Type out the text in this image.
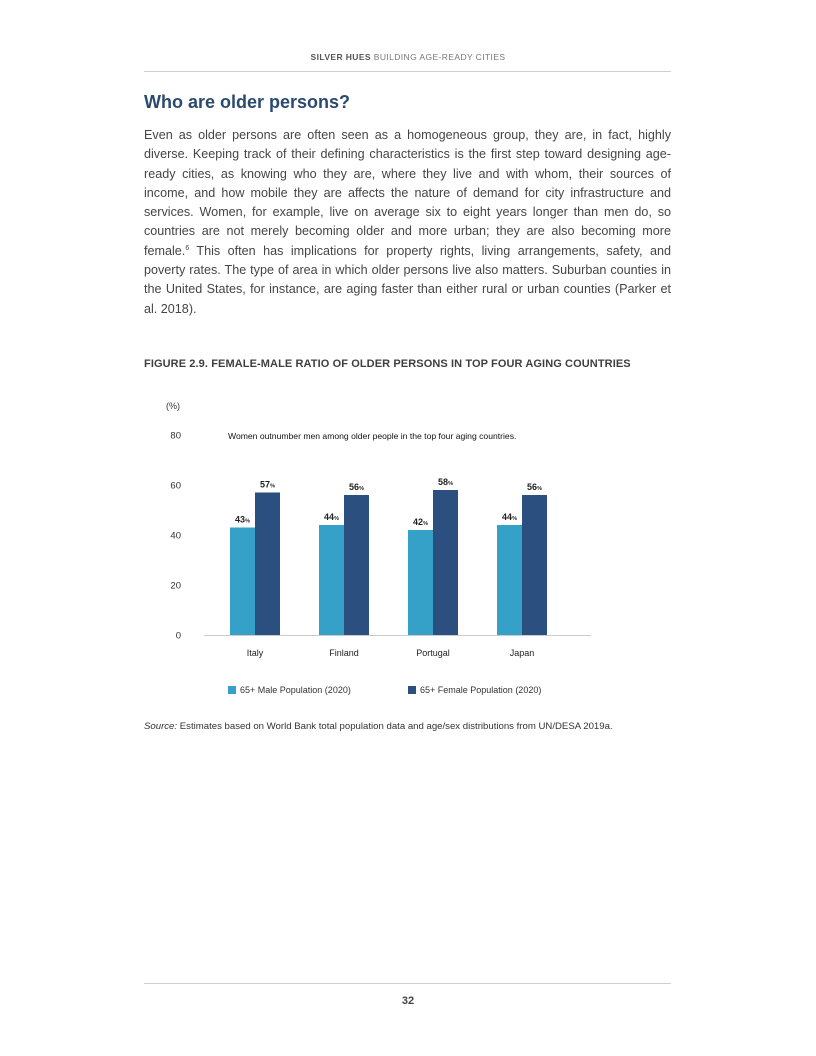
SILVER HUES BUILDING AGE-READY CITIES
Who are older persons?

Even as older persons are often seen as a homogeneous group, they are, in fact, highly diverse. Keeping track of their defining characteristics is the first step toward designing age-ready cities, as knowing who they are, where they live and with whom, their sources of income, and how mobile they are affects the nature of demand for city infrastructure and services. Women, for example, live on average six to eight years longer than men do, so countries are not merely becoming older and more urban; they are also becoming more female.$^6$ This often has implications for property rights, living arrangements, safety, and poverty rates. The type of area in which older persons live also matters. Suburban counties in the United States, for instance, are aging faster than either rural or urban counties (Parker et al. 2018).

FIGURE 2.9. FEMALE-MALE RATIO OF OLDER PERSONS IN TOP FOUR AGING COUNTRIES
(%)
0
20
40
60
80	Women outnumber men among older people in the top four aging countries.
43%
57%
Italy
44%
56%
Finland
42%
58%
Portugal
44%
56%
Japan
65+ Male Population (2020)	65+ Female Population (2020)

Source: Estimates based on World Bank total population data and age/sex distributions from UN/DESA 2019a.

32
